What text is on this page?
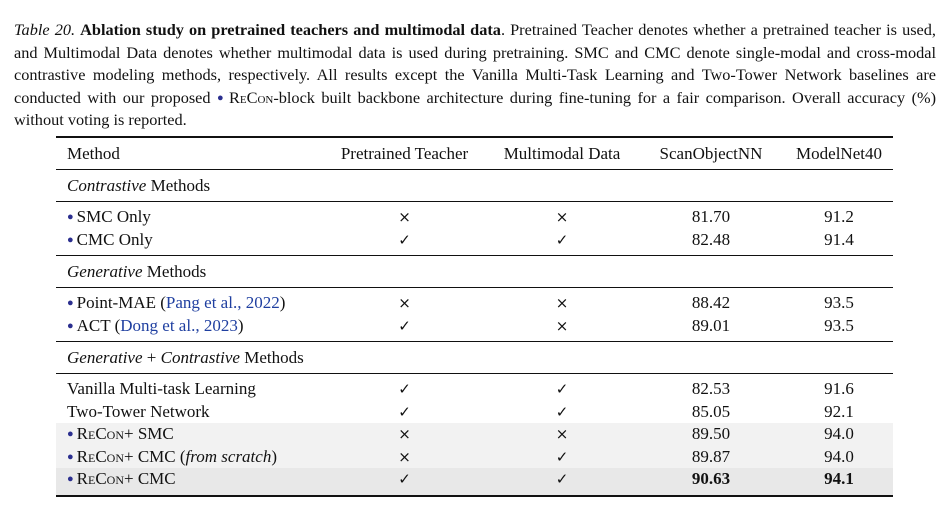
Table 20. Ablation study on pretrained teachers and multimodal data. Pretrained Teacher denotes whether a pretrained teacher is used, and Multimodal Data denotes whether multimodal data is used during pretraining. SMC and CMC denote single-modal and cross-modal contrastive modeling methods, respectively. All results except the Vanilla Multi-Task Learning and Two-Tower Network baselines are conducted with our proposed ● ReCon-block built backbone architecture during fine-tuning for a fair comparison. Overall accuracy (%) without voting is reported.
Method	Pretrained Teacher	Multimodal Data	ScanObjectNN	ModelNet40
Contrastive Methods				
● SMC Only	×	×	81.70	91.2
● CMC Only	✓	✓	82.48	91.4
Generative Methods				
● Point-MAE (Pang et al., 2022)	×	×	88.42	93.5
● ACT (Dong et al., 2023)	✓	×	89.01	93.5
Generative + Contrastive Methods				
Vanilla Multi-task Learning	✓	✓	82.53	91.6
Two-Tower Network	✓	✓	85.05	92.1
● ReCon+ SMC	×	×	89.50	94.0
● ReCon+ CMC (from scratch)	×	✓	89.87	94.0
● ReCon+ CMC	✓	✓	90.63	94.1
